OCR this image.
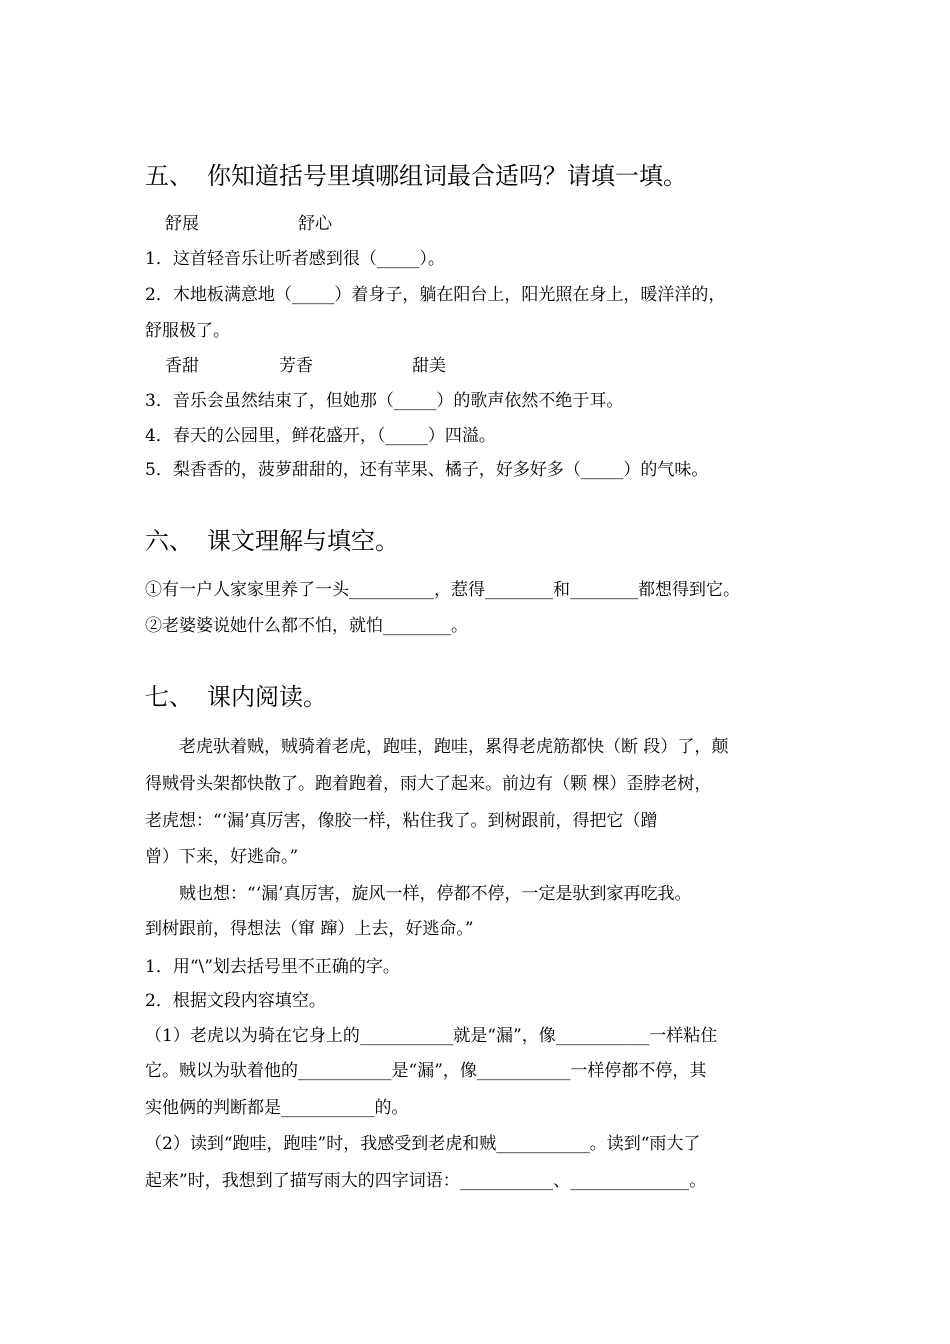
五、 你知道括号里填哪组词最合适吗？请填一填。
舒展	舒心
1．这首轻音乐让听者感到很（_____）。
2．木地板满意地（_____）着身子，躺在阳台上，阳光照在身上，暖洋洋的，
舒服极了。
香甜	芳香	甜美
3．音乐会虽然结束了，但她那（_____）的歌声依然不绝于耳。
4．春天的公园里，鲜花盛开，（_____）四溢。
5．梨香香的，菠萝甜甜的，还有苹果、橘子，好多好多（_____）的气味。
六、 课文理解与填空。
①有一户人家家里养了一头__________，惹得________和________都想得到它。
②老婆婆说她什么都不怕，就怕________。
七、 课内阅读。
老虎驮着贼，贼骑着老虎，跑哇，跑哇，累得老虎筋都快（断 段）了，颠
得贼骨头架都快散了。跑着跑着，雨大了起来。前边有（颗 棵）歪脖老树，
老虎想：“‘漏’真厉害，像胶一样，粘住我了。到树跟前，得把它（蹭
曾）下来，好逃命。”
贼也想：“‘漏’真厉害，旋风一样，停都不停，一定是驮到家再吃我。
到树跟前，得想法（窜 蹿）上去，好逃命。”
1．用“\”划去括号里不正确的字。
2．根据文段内容填空。
（1）老虎以为骑在它身上的___________就是“漏”，像___________一样粘住
它。贼以为驮着他的___________是“漏”，像___________一样停都不停，其
实他俩的判断都是___________的。
（2）读到“跑哇，跑哇”时，我感受到老虎和贼___________。读到“雨大了
起来”时，我想到了描写雨大的四字词语：___________、______________。
